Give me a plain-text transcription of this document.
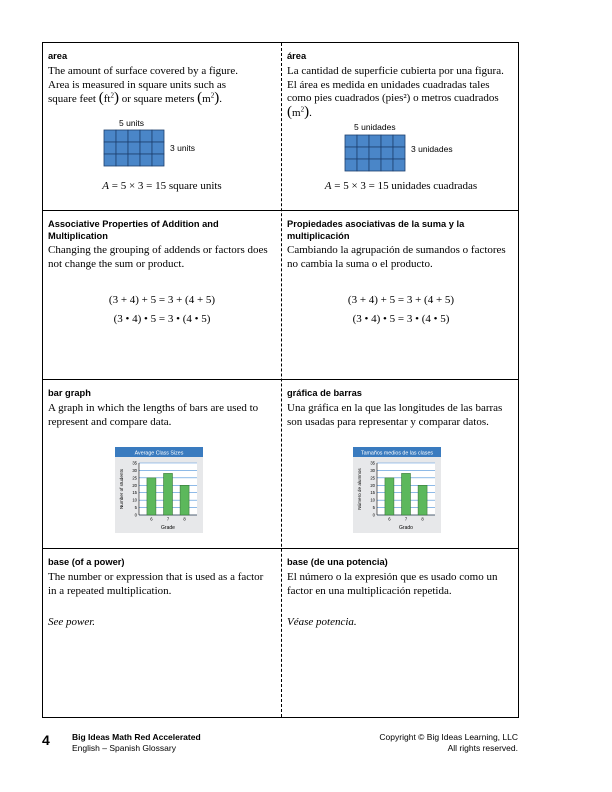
area

The amount of surface covered by a figure.

Area is measured in square units such as

square feet $(ft^2)$ or square meters $(m^2)$.

5 units
3 units
A = 5 × 3 = 15 square units

área

La cantidad de superficie cubierta por una figura.

El área es medida en unidades cuadradas tales

como pies cuadrados (pies²) o metros cuadrados

$(m^2)$.

5 unidades
3 unidades
A = 5 × 3 = 15 unidades cuadradas

Associative Properties of Addition and
Multiplication

Changing the grouping of addends or factors does

not change the sum or product.

(3 + 4) + 5 = 3 + (4 + 5)
(3 • 4) • 5 = 3 • (4 • 5)

Propiedades asociativas de la suma y la
multiplicación

Cambiando la agrupación de sumandos o factores

no cambia la suma o el producto.

(3 + 4) + 5 = 3 + (4 + 5)
(3 • 4) • 5 = 3 • (4 • 5)

bar graph

A graph in which the lengths of bars are used to

represent and compare data.

Average Class Sizes
0
5
10
15
20
25
30
35
6	7	8
Grade
Number of students

gráfica de barras

Una gráfica en la que las longitudes de las barras

son usadas para representar y comparar datos.

Tamaños medios de las clases
0
5
10
15
20
25
30
35
6	7	8
Grado
Número de alumnos

base (of a power)

The number or expression that is used as a factor

in a repeated multiplication.

See power.

base (de una potencia)

El número o la expresión que es usado como un

factor en una multiplicación repetida.

Véase potencia.

4	Big Ideas Math Red Accelerated
English – Spanish Glossary
Copyright © Big Ideas Learning, LLC
All rights reserved.
